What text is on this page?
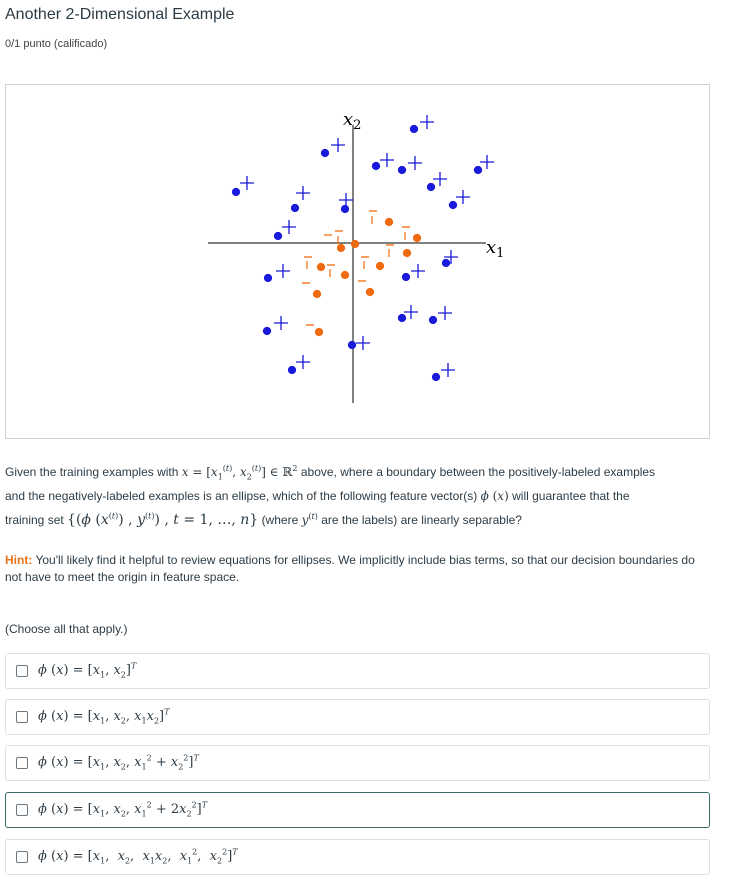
Another 2-Dimensional Example
0/1 punto (calificado)
$x_1$
$x_2$
Given the training examples with $x = [x_1^{(t)}$, $x_2^{(t)}$] ∈ ℝ$^2$ above, where a boundary between the positively-labeled examples
and the negatively-labeled examples is an ellipse, which of the following feature vector(s) ϕ (x) will guarantee that the
training set {(ϕ $(x^{(t)})$ , $y^{(t)}$) , t = 1, …, n} (where $y^{(t)}$ are the labels) are linearly separable?
Hint: You'll likely find it helpful to review equations for ellipses. We implicitly include bias terms, so that our decision boundaries do not have to meet the origin in feature space.
(Choose all that apply.)
ϕ $(x) = [x_1$, $x_2]^T$
ϕ $(x) = [x_1$, $x_2$, $x_1x_2]^T$
ϕ $(x) = [x_1$, $x_2$, $x_1^2 + x_2^2]^T$
ϕ $(x) = [x_1$, $x_2$, $x_1^2 + 2x_2^2]^T$
ϕ $(x) = [x_1$,  $x_2$,  $x_1x_2$,  $x_1^2$,  $x_2^2]^T$
